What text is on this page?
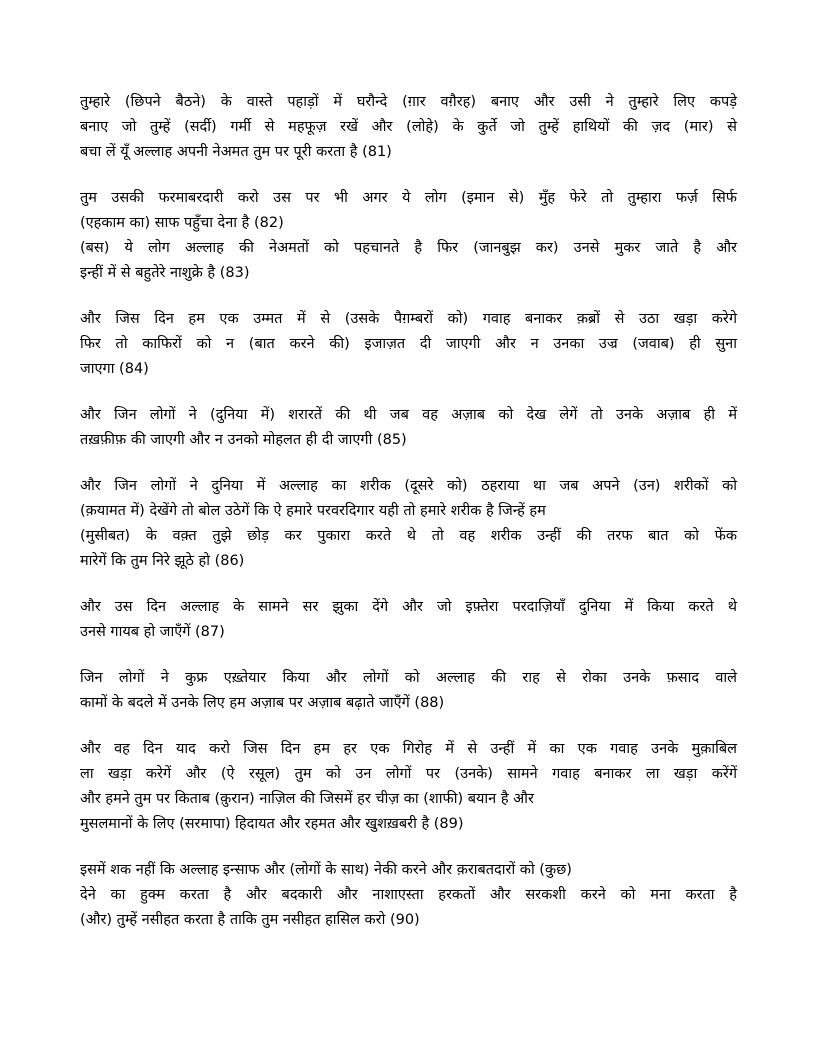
तुम्हारे (छिपने बैठने) के वास्ते पहाड़ों में घरौन्दे (ग़ार वग़ैरह) बनाए और उसी ने तुम्हारे लिए कपड़े
बनाए जो तुम्हें (सर्दी) गर्मी से महफूज़ रखें और (लोहे) के कुर्ते जो तुम्हें हाथियों की ज़द (मार) से
बचा लें यूँ अल्लाह अपनी नेअमत तुम पर पूरी करता है (81)
तुम उसकी फरमाबरदारी करो उस पर भी अगर ये लोग (इमान से) मुँह फेरे तो तुम्हारा फर्ज़ सिर्फ
(एहकाम का) साफ पहुँचा देना है (82)
(बस) ये लोग अल्लाह की नेअमतों को पहचानते है फिर (जानबुझ कर) उनसे मुकर जाते है और
इन्हीं में से बहुतेरे नाशुक्रे है (83)
और जिस दिन हम एक उम्मत में से (उसके पैग़म्बरों को) गवाह बनाकर क़ब्रों से उठा खड़ा करेगे
फिर तो काफिरों को न (बात करने की) इजाज़त दी जाएगी और न उनका उज्र (जवाब) ही सुना
जाएगा (84)
और जिन लोगों ने (दुनिया में) शरारतें की थी जब वह अज़ाब को देख लेगें तो उनके अज़ाब ही में
तख़फ़ीफ़ की जाएगी और न उनको मोहलत ही दी जाएगी (85)
और जिन लोगों ने दुनिया में अल्लाह का शरीक (दूसरे को) ठहराया था जब अपने (उन) शरीकों को
(क़यामत में) देखेंगे तो बोल उठेगें कि ऐ हमारे परवरदिगार यही तो हमारे शरीक है जिन्हें हम
(मुसीबत) के वक़्त तुझे छोड़ कर पुकारा करते थे तो वह शरीक उन्हीं की तरफ बात को फेंक
मारेगें कि तुम निरे झूठे हो (86)
और उस दिन अल्लाह के सामने सर झुका देंगे और जो इफ़्तेरा परदाज़ियाँ दुनिया में किया करते थे
उनसे गायब हो जाएँगें (87)
जिन लोगों ने कुफ्र एख़्तेयार किया और लोगों को अल्लाह की राह से रोका उनके फ़साद वाले
कामों के बदले में उनके लिए हम अज़ाब पर अज़ाब बढ़ाते जाएँगें (88)
और वह दिन याद करो जिस दिन हम हर एक गिरोह में से उन्हीं में का एक गवाह उनके मुक़ाबिल
ला खड़ा करेगें और (ऐ रसूल) तुम को उन लोगों पर (उनके) सामने गवाह बनाकर ला खड़ा करेंगें
और हमने तुम पर किताब (क़ुरान) नाज़िल की जिसमें हर चीज़ का (शाफी) बयान है और
मुसलमानों के लिए (सरमापा) हिदायत और रहमत और खुशख़बरी है (89)
इसमें शक नहीं कि अल्लाह इन्साफ और (लोगों के साथ) नेकी करने और क़राबतदारों को (कुछ)
देने का हुक्म करता है और बदकारी और नाशाएस्ता हरकतों और सरकशी करने को मना करता है
(और) तुम्हें नसीहत करता है ताकि तुम नसीहत हासिल करो (90)
